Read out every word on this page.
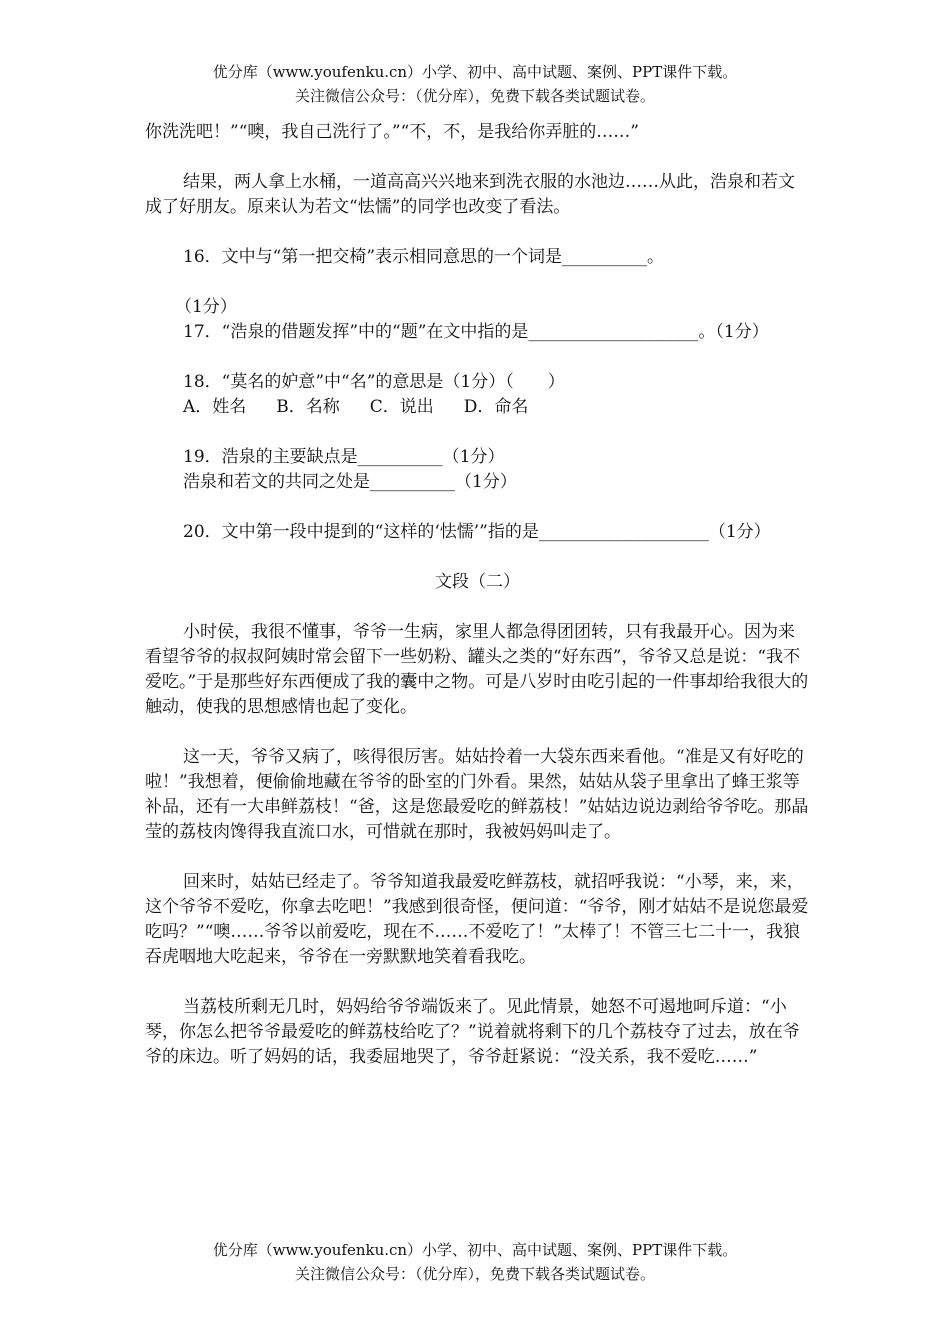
优分库（www.youfenku.cn）小学、初中、高中试题、案例、PPT课件下载。
关注微信公众号：（优分库），免费下载各类试题试卷。

你洗洗吧！”“噢，我自己洗行了。”“不，不，是我给你弄脏的……”

结果，两人拿上水桶，一道高高兴兴地来到洗衣服的水池边……从此，浩泉和若文成了好朋友。原来认为若文“怯懦”的同学也改变了看法。

16．文中与“第一把交椅”表示相同意思的一个词是__________。

（1分）

17．“浩泉的借题发挥”中的“题”在文中指的是____________________。（1分）

18．“莫名的妒意”中“名”的意思是（1分）（　　）

A．姓名 B．名称 C．说出 D．命名

19．浩泉的主要缺点是__________（1分）

浩泉和若文的共同之处是__________（1分）

20．文中第一段中提到的“这样的‘怯懦’”指的是____________________（1分）

文段（二）

小时侯，我很不懂事，爷爷一生病，家里人都急得团团转，只有我最开心。因为来看望爷爷的叔叔阿姨时常会留下一些奶粉、罐头之类的“好东西”，爷爷又总是说：“我不爱吃。”于是那些好东西便成了我的囊中之物。可是八岁时由吃引起的一件事却给我很大的触动，使我的思想感情也起了变化。

这一天，爷爷又病了，咳得很厉害。姑姑拎着一大袋东西来看他。“准是又有好吃的啦！”我想着，便偷偷地藏在爷爷的卧室的门外看。果然，姑姑从袋子里拿出了蜂王浆等补品，还有一大串鲜荔枝！“爸，这是您最爱吃的鲜荔枝！”姑姑边说边剥给爷爷吃。那晶莹的荔枝肉馋得我直流口水，可惜就在那时，我被妈妈叫走了。

回来时，姑姑已经走了。爷爷知道我最爱吃鲜荔枝，就招呼我说：“小琴，来，来，这个爷爷不爱吃，你拿去吃吧！”我感到很奇怪，便问道：“爷爷，刚才姑姑不是说您最爱吃吗？”“噢……爷爷以前爱吃，现在不……不爱吃了！”太棒了！不管三七二十一，我狼吞虎咽地大吃起来，爷爷在一旁默默地笑着看我吃。

当荔枝所剩无几时，妈妈给爷爷端饭来了。见此情景，她怒不可遏地呵斥道：“小琴，你怎么把爷爷最爱吃的鲜荔枝给吃了？”说着就将剩下的几个荔枝夺了过去，放在爷爷的床边。听了妈妈的话，我委屈地哭了，爷爷赶紧说：“没关系，我不爱吃……”

优分库（www.youfenku.cn）小学、初中、高中试题、案例、PPT课件下载。
关注微信公众号：（优分库），免费下载各类试题试卷。
